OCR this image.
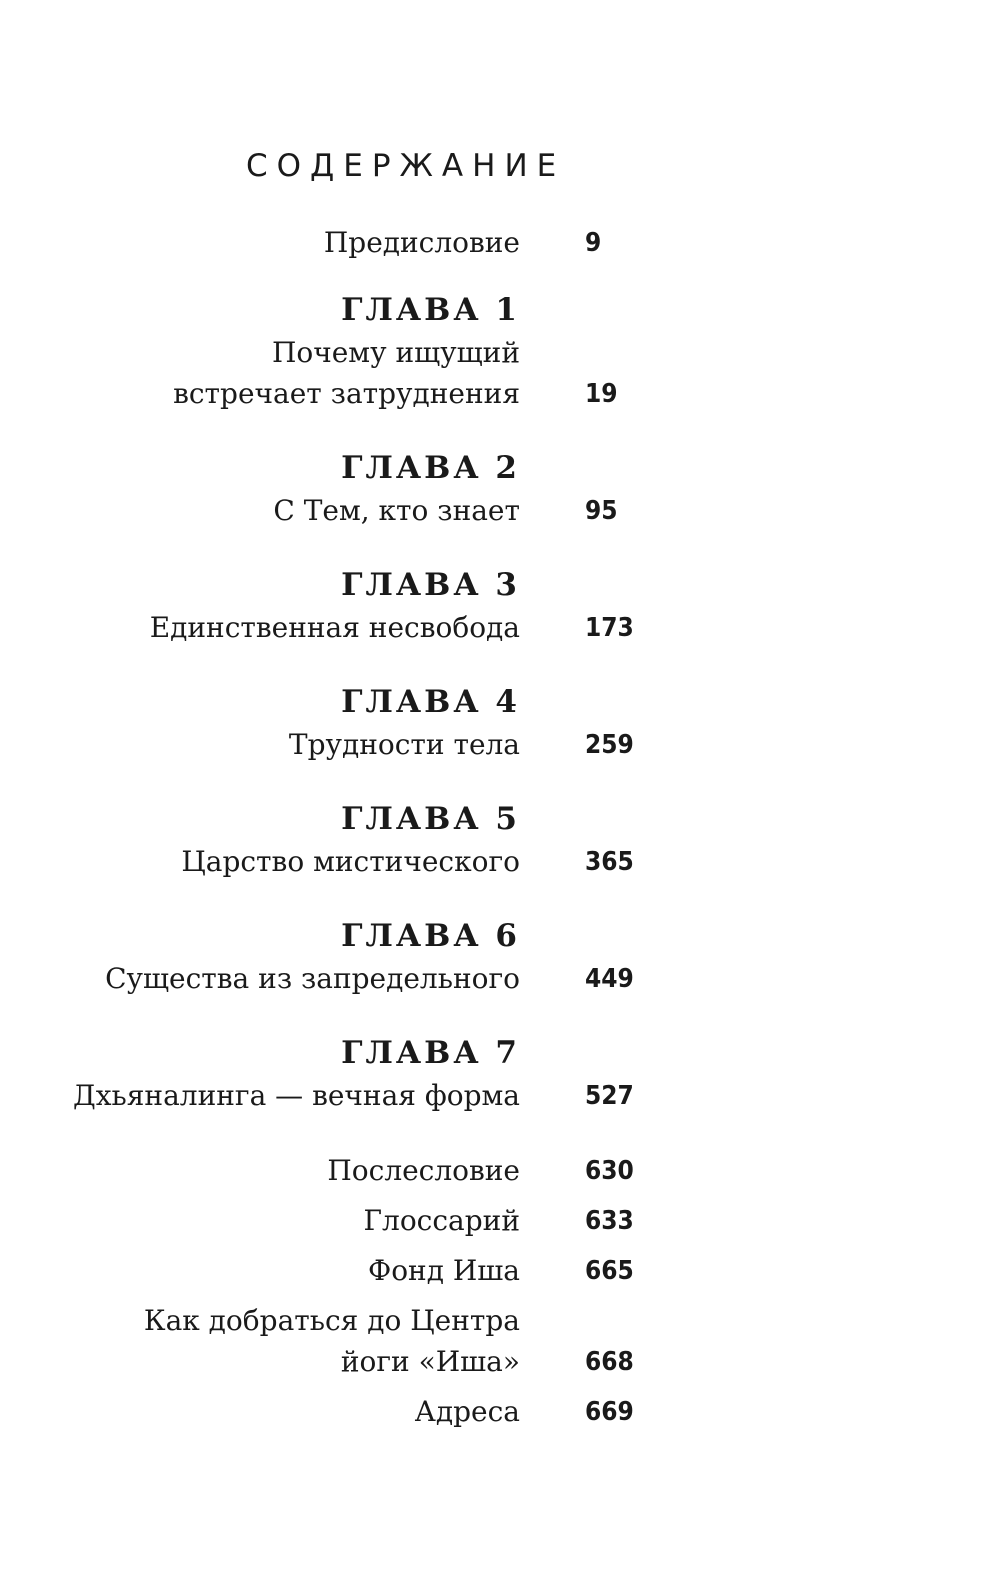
СОДЕРЖАНИЕ
Предисловие	9
ГЛАВА 1
Почему ищущий
встречает затруднения	19
ГЛАВА 2
С Тем, кто знает	95
ГЛАВА 3
Единственная несвобода	173
ГЛАВА 4
Трудности тела	259
ГЛАВА 5
Царство мистического	365
ГЛАВА 6
Существа из запредельного	449
ГЛАВА 7
Дхьяналинга — вечная форма	527
Послесловие	630
Глоссарий	633
Фонд Иша	665
Как добраться до Центра
йоги «Иша»	668
Адреса	669
